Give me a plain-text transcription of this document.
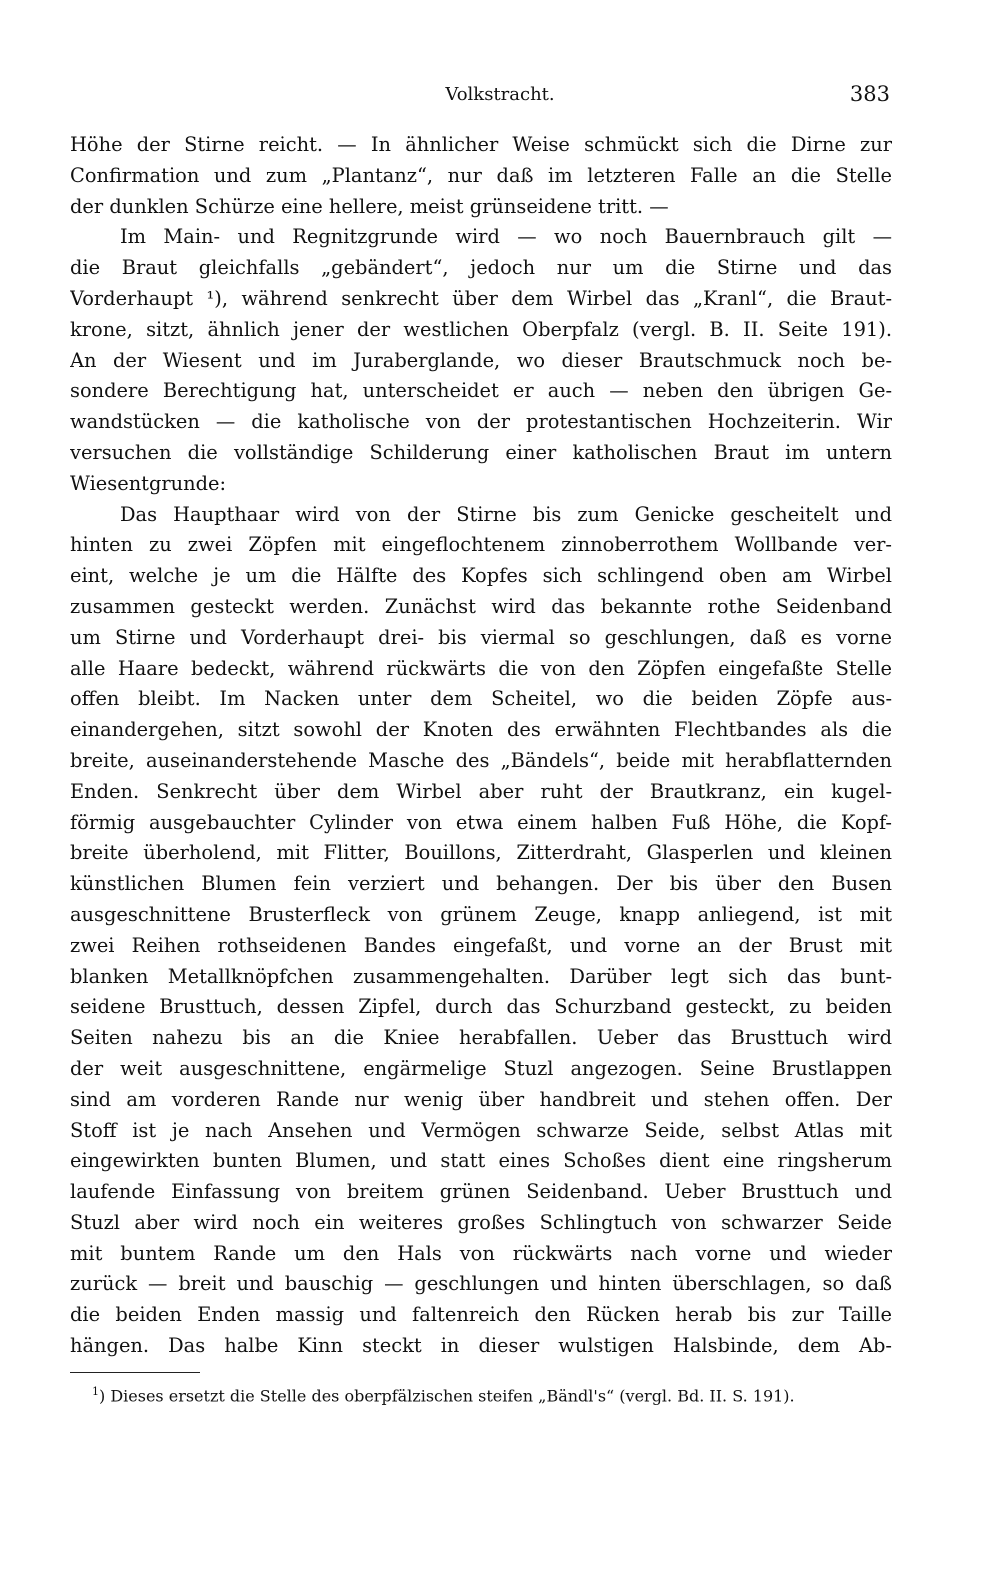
Volkstracht.	383
Höhe der Stirne reicht. — In ähnlicher Weise schmückt sich die Dirne zur
Confirmation und zum „Plantanz“, nur daß im letzteren Falle an die Stelle
der dunklen Schürze eine hellere, meist grünseidene tritt. —
Im Main- und Regnitzgrunde wird — wo noch Bauernbrauch gilt —
die Braut gleichfalls „gebändert“, jedoch nur um die Stirne und das
Vorderhaupt ¹), während senkrecht über dem Wirbel das „Kranl“, die Braut-
krone, sitzt, ähnlich jener der westlichen Oberpfalz (vergl. B. II. Seite 191).
An der Wiesent und im Juraberglande, wo dieser Brautschmuck noch be-
sondere Berechtigung hat, unterscheidet er auch — neben den übrigen Ge-
wandstücken — die katholische von der protestantischen Hochzeiterin. Wir
versuchen die vollständige Schilderung einer katholischen Braut im untern
Wiesentgrunde:
Das Haupthaar wird von der Stirne bis zum Genicke gescheitelt und
hinten zu zwei Zöpfen mit eingeflochtenem zinnoberrothem Wollbande ver-
eint, welche je um die Hälfte des Kopfes sich schlingend oben am Wirbel
zusammen gesteckt werden. Zunächst wird das bekannte rothe Seidenband
um Stirne und Vorderhaupt drei- bis viermal so geschlungen, daß es vorne
alle Haare bedeckt, während rückwärts die von den Zöpfen eingefaßte Stelle
offen bleibt. Im Nacken unter dem Scheitel, wo die beiden Zöpfe aus-
einandergehen, sitzt sowohl der Knoten des erwähnten Flechtbandes als die
breite, auseinanderstehende Masche des „Bändels“, beide mit herabflatternden
Enden. Senkrecht über dem Wirbel aber ruht der Brautkranz, ein kugel-
förmig ausgebauchter Cylinder von etwa einem halben Fuß Höhe, die Kopf-
breite überholend, mit Flitter, Bouillons, Zitterdraht, Glasperlen und kleinen
künstlichen Blumen fein verziert und behangen. Der bis über den Busen
ausgeschnittene Brusterfleck von grünem Zeuge, knapp anliegend, ist mit
zwei Reihen rothseidenen Bandes eingefaßt, und vorne an der Brust mit
blanken Metallknöpfchen zusammengehalten. Darüber legt sich das bunt-
seidene Brusttuch, dessen Zipfel, durch das Schurzband gesteckt, zu beiden
Seiten nahezu bis an die Kniee herabfallen. Ueber das Brusttuch wird
der weit ausgeschnittene, engärmelige Stuzl angezogen. Seine Brustlappen
sind am vorderen Rande nur wenig über handbreit und stehen offen. Der
Stoff ist je nach Ansehen und Vermögen schwarze Seide, selbst Atlas mit
eingewirkten bunten Blumen, und statt eines Schoßes dient eine ringsherum
laufende Einfassung von breitem grünen Seidenband. Ueber Brusttuch und
Stuzl aber wird noch ein weiteres großes Schlingtuch von schwarzer Seide
mit buntem Rande um den Hals von rückwärts nach vorne und wieder
zurück — breit und bauschig — geschlungen und hinten überschlagen, so daß
die beiden Enden massig und faltenreich den Rücken herab bis zur Taille
hängen. Das halbe Kinn steckt in dieser wulstigen Halsbinde, dem Ab-
$^1$) Dieses ersetzt die Stelle des oberpfälzischen steifen „Bändl's“ (vergl. Bd. II. S. 191).
